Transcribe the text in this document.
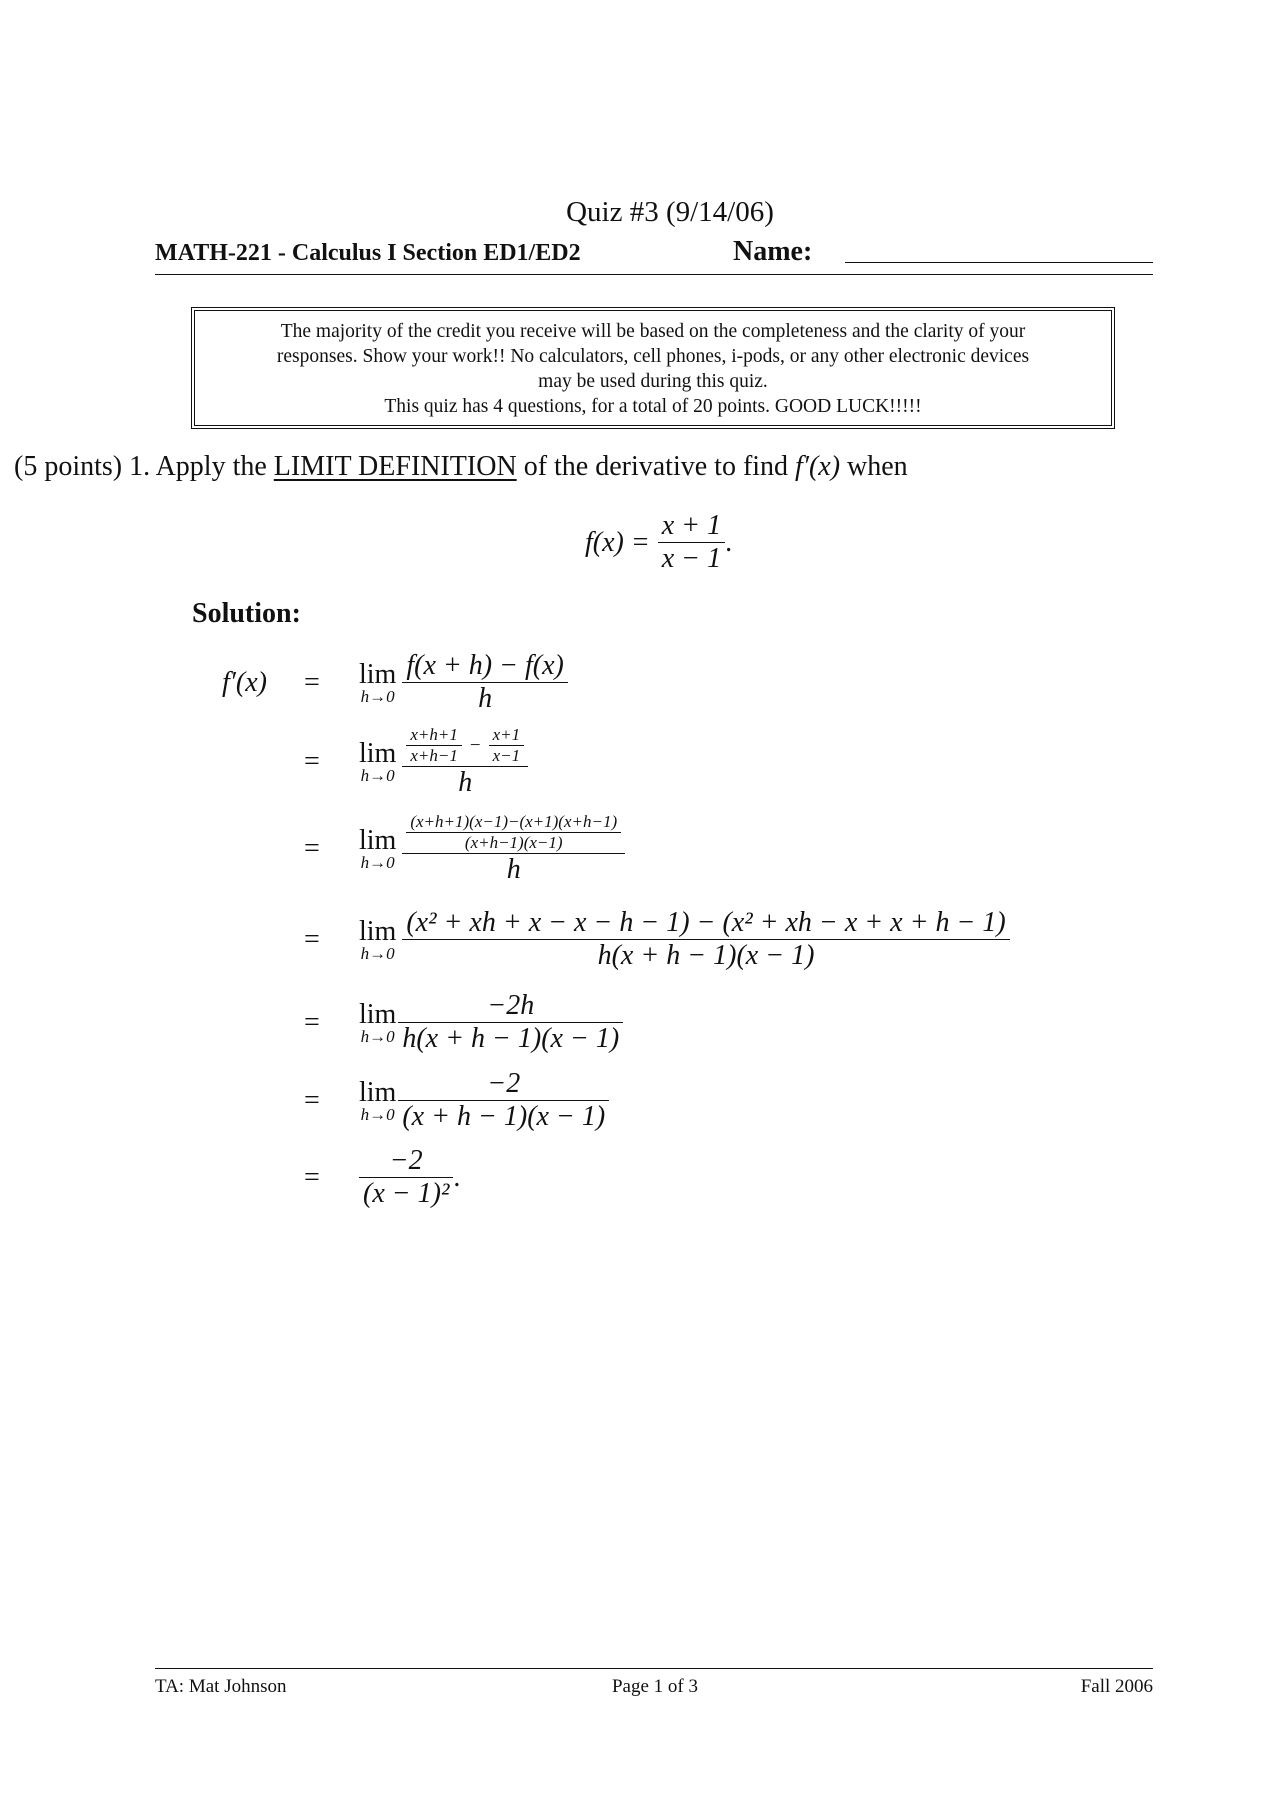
Quiz #3 (9/14/06)
MATH-221 - Calculus I Section ED1/ED2	Name:
The majority of the credit you receive will be based on the completeness and the clarity of your
responses. Show your work!! No calculators, cell phones, i-pods, or any other electronic devices
may be used during this quiz.
This quiz has 4 questions, for a total of 20 points. GOOD LUCK!!!!!
(5 points) 1. Apply the LIMIT DEFINITION of the derivative to find f′(x) when
$f(x) = \frac{x + 1}{x - 1}$ .
Solution:
f′(x)	=	lim
$h\to 0 \frac{f(x + h) - f(x)}{h}$
=	lim
h→0
$\frac{x+h+1}{x+h-1} - \frac{x+1}{x-1}$
h
=	lim
$h\to 0 \frac{\frac{(x+h+1)(x-1)-(x+1)(x+h-1)}{(x+h-1)(x-1)}}{h}$
=	lim
$h\to 0 \frac{\text{(x² + xh + x − x − h − 1) − (x² + xh − x + x + h − 1)}}{h(x + h - 1)(x - 1)}$
=	lim
$h\to 0 \frac{-2h}{h(x + h - 1)(x - 1)}$
=	lim
$h\to 0 \frac{-2}{(x + h - 1)(x - 1)}$
=	$\frac{-2}{\text{(x − 1)²}}$ .
TA: Mat Johnson	Page 1 of 3	Fall 2006
